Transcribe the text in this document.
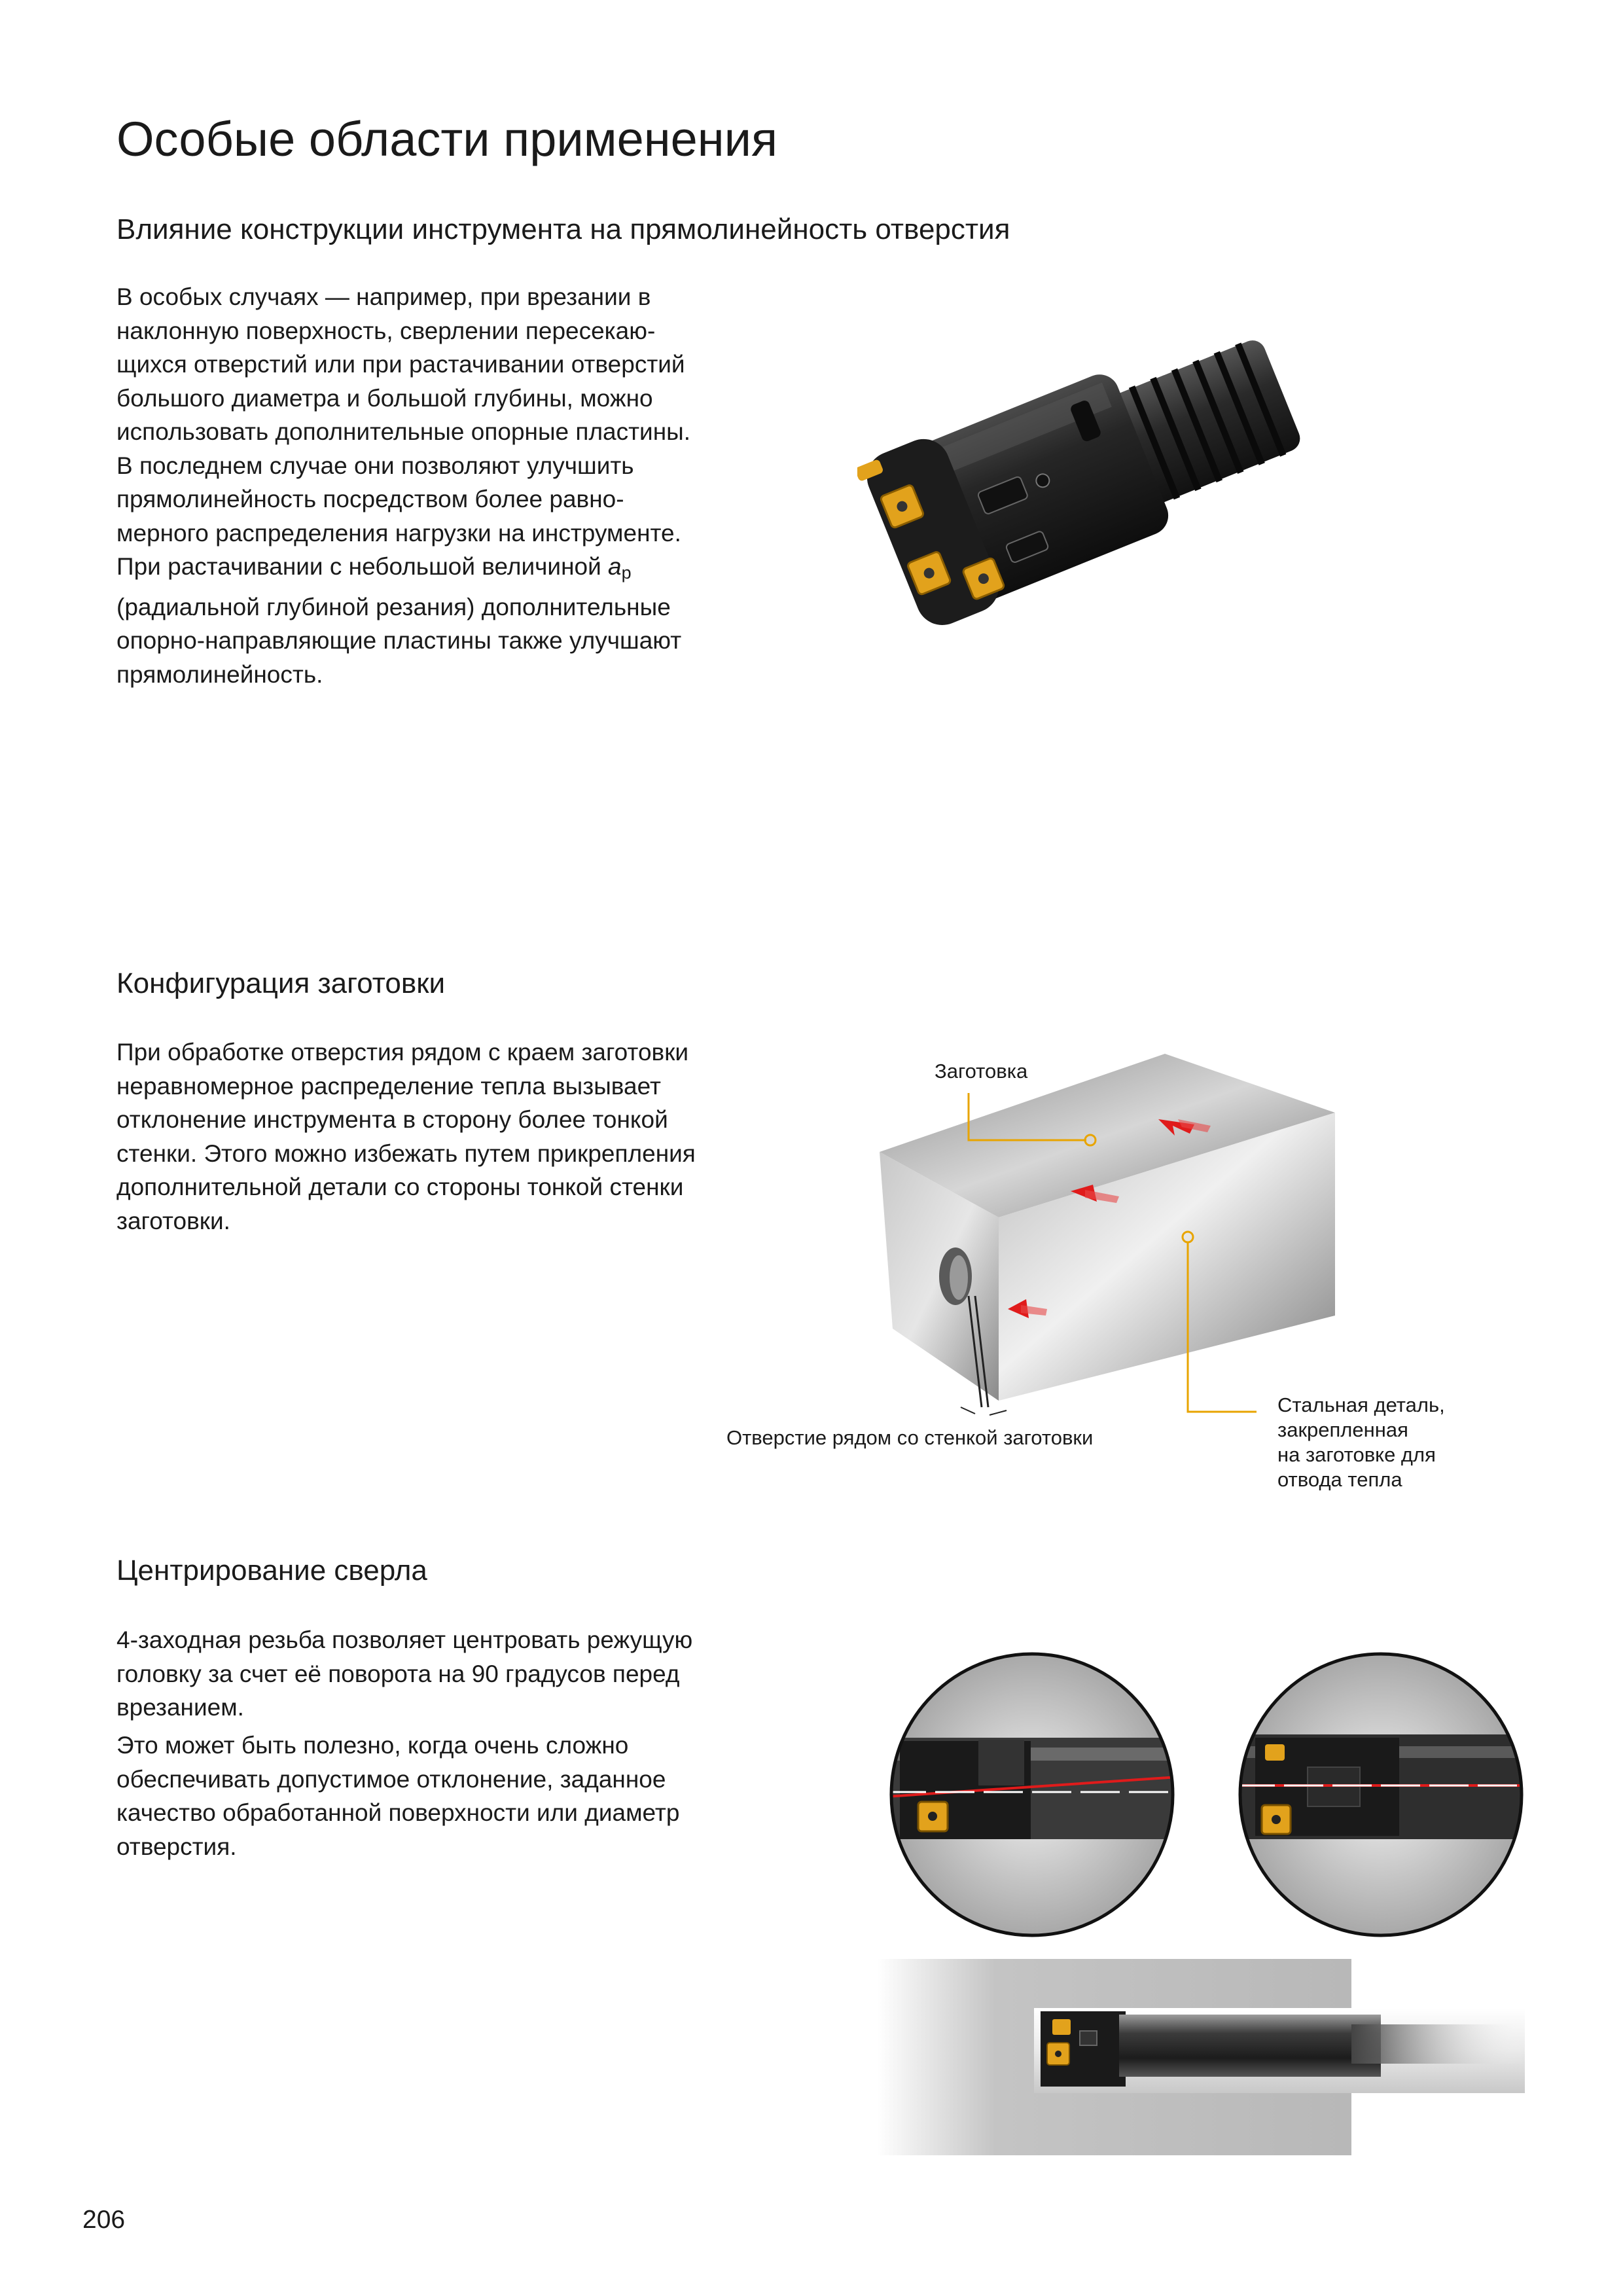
Особые области применения
Влияние конструкции инструмента на прямолинейность отверстия
В особых случаях — например, при врезании в
наклонную поверхность, сверлении пересекаю-
щихся отверстий или при растачивании отверстий
большого диаметра и большой глубины, можно
использовать дополнительные опорные пластины.
В последнем случае они позволяют улучшить
прямолинейность посредством более равно-
мерного распределения нагрузки на инструменте.
При растачивании с небольшой величиной $a_p$
(радиальной глубиной резания) дополнительные
опорно-направляющие пластины также улучшают
прямолинейность.
Конфигурация заготовки
При обработке отверстия рядом с краем заготовки
неравномерное распределение тепла вызывает
отклонение инструмента в сторону более тонкой
стенки. Этого можно избежать путем прикрепления
дополнительной детали со стороны тонкой стенки
заготовки.
Заготовка
Отверстие рядом со стенкой заготовки
Стальная деталь,
закрепленная
на заготовке для
отвода тепла
Центрирование сверла
4-заходная резьба позволяет центровать режущую
головку за счет её поворота на 90 градусов перед
врезанием.
Это может быть полезно, когда очень сложно
обеспечивать допустимое отклонение, заданное
качество обработанной поверхности или диаметр
отверстия.
206
